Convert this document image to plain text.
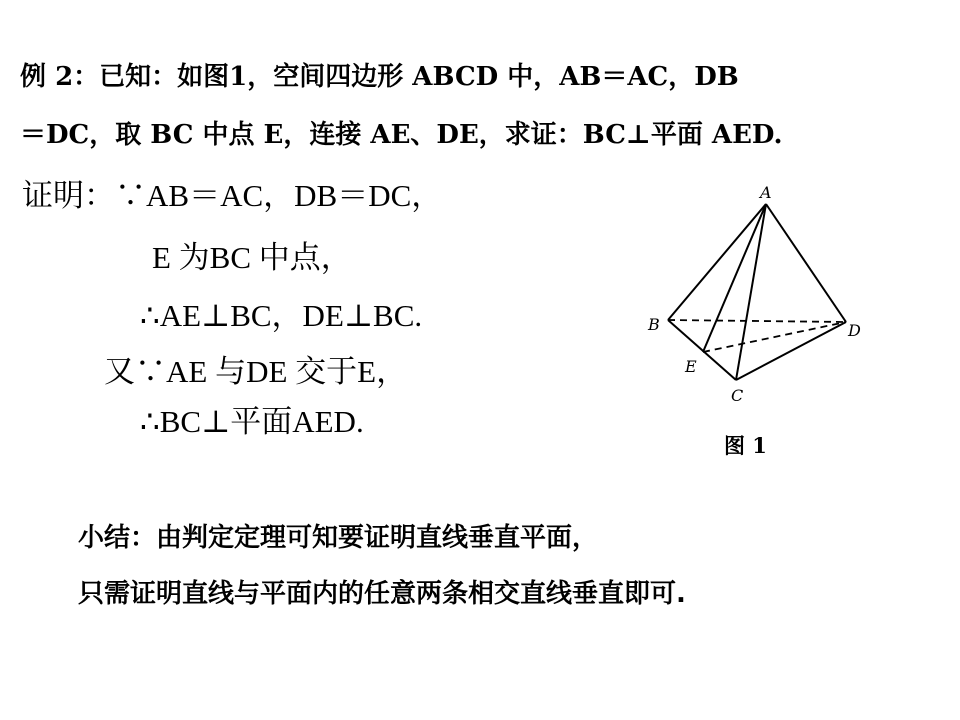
例 2：已知：如图1，空间四边形 ABCD 中，AB＝AC，DB
＝DC，取 BC 中点 E，连接 AE、DE，求证：BC⊥平面 AED.
证明：∵AB＝AC，DB＝DC，
E 为BC 中点，
∴AE⊥BC，DE⊥BC.
又∵AE 与DE 交于E，
∴BC⊥平面AED.
A
B
C
D
E
图 1
小结：由判定定理可知要证明直线垂直平面，
只需证明直线与平面内的任意两条相交直线垂直即可.
